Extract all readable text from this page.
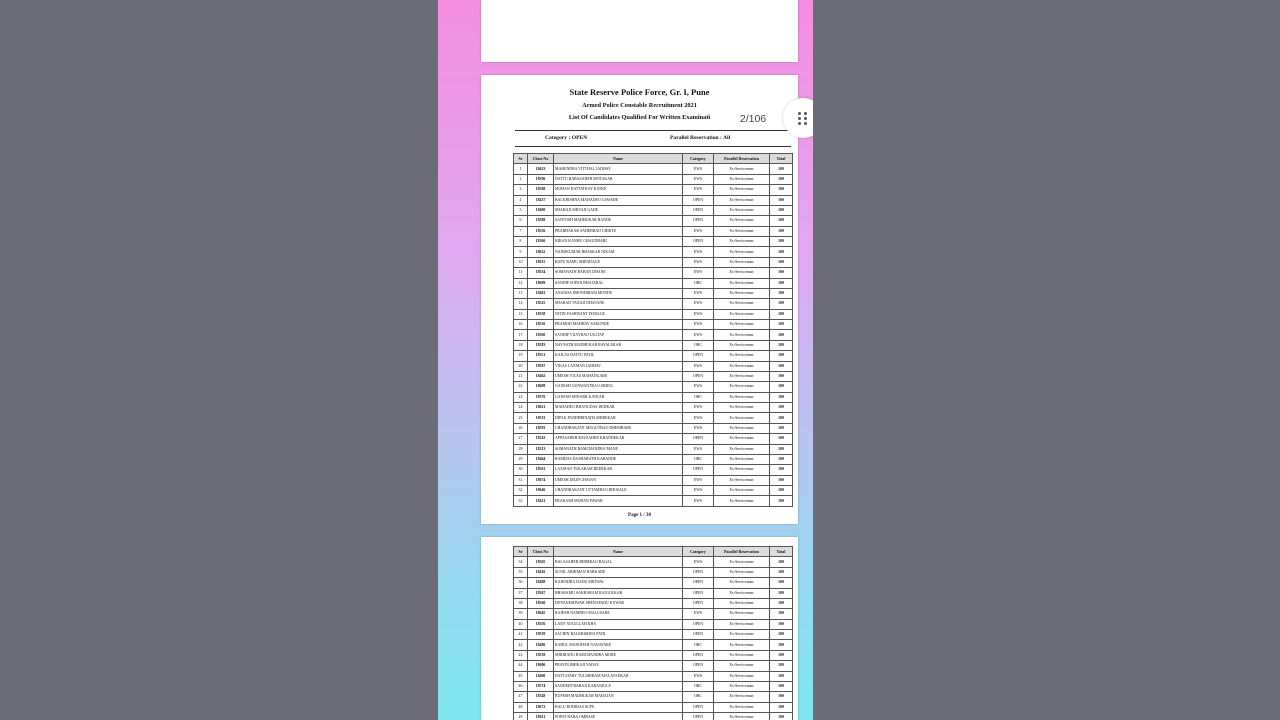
.
.
State Reserve Police Force, Gr. I, Pune
Armed Police Constable Recruitment 2021
List Of Candidates Qualified For Written Examinati
Category : OPEN	Parallel Reservation : All
Sr	Chest No	Name	Category	Parallel Reservation	Total
1	18623	MAHENDRA VITTHAL JADHAV	EWS	Ex-Serviceman	100
2	18596	DATTU BABASAHEB MOTAKAR	EWS	Ex-Serviceman	100
3	18588	MOHAN DATTATRAY KATKE	EWS	Ex-Serviceman	100
4	18437	BALKRISHNA MAHADEO GAWADE	OPEN	Ex-Serviceman	100
5	18490	SHAHAJI SHIVAJI GADE	OPEN	Ex-Serviceman	100
6	18388	SANTOSH MADHUKAR BANDE	OPEN	Ex-Serviceman	100
7	18556	PRABHAKAR SAHEBRAO CHIKTE	EWS	Ex-Serviceman	100
8	18366	KIRAN KANHU CHAUDHARI	OPEN	Ex-Serviceman	100
9	18622	NANDKUMAR BHASKAR NIKAM	EWS	Ex-Serviceman	100
10	18615	BAPU RAMU SHENDAGE	EWS	Ex-Serviceman	100
11	18534	SOMANATH BABAN DHANE	EWS	Ex-Serviceman	100
12	18609	SANDIP SOPAN BHAJABAL	OBC	Ex-Serviceman	100
13	18401	ANANDA DHONDIRAM MONDE	EWS	Ex-Serviceman	100
14	18525	SHARAD TANAJI DHAVANE	EWS	Ex-Serviceman	100
15	18338	NITIN YASHWANT DORAGE	EWS	Ex-Serviceman	100
16	18536	PRAMOD MADHAV SAKUNDE	EWS	Ex-Serviceman	100
17	18360	SANDIP VIJAYRAO JAGTAP	EWS	Ex-Serviceman	100
18	18583	NAVNATH MADHUKAR RAVALEKAR	OBC	Ex-Serviceman	100
19	18351	KAILAS DATTU PATIL	OPEN	Ex-Serviceman	100
20	18567	VIKAS LAXMAN JADHAV	EWS	Ex-Serviceman	100
21	18462	UMESH VILAS MAHANGARE	OPEN	Ex-Serviceman	100
22	18609	GANESH GUNWANTRAO SHIJUL	EWS	Ex-Serviceman	100
23	18376	GANESH SHNARR KATKAR	OBC	Ex-Serviceman	100
24	18621	MAHADEO BHANUDAS DEDKAR	EWS	Ex-Serviceman	100
25	18533	DIPAK PANDHRINATH AHIREKAR	EWS	Ex-Serviceman	100
26	18593	CHANDRAKANT MUGUTRAO DHEMBARE	EWS	Ex-Serviceman	100
27	18343	APPASAHEB RAVSAHEB KHANDEKAR	OPEN	Ex-Serviceman	100
28	18313	SOMANATH RAMCHANDRA MANE	EWS	Ex-Serviceman	100
29	18464	RAMDAS DASHARATH KARANDE	OBC	Ex-Serviceman	100
30	18561	LAXMAN TUKARAM REDEKAR	OPEN	Ex-Serviceman	100
31	18674	UMESH DILIP CHAVAN	EWS	Ex-Serviceman	100
32	18646	CHANDRAKANT UTTAMRAO BHOSALE	EWS	Ex-Serviceman	100
33	18421	PRAKASH MOHAN PAWAR	EWS	Ex-Serviceman	100
Page 1 / 30
Sr	Chest No	Name	Category	Parallel Reservation	Total
34	18565	BALASAHEB BHIMRAO BAGAL	EWS	Ex-Serviceman	100
35	18416	SUNIL ABHIMAN BARKADE	OPEN	Ex-Serviceman	100
36	18488	RAJENDRA DADU SHIJWAL	OPEN	Ex-Serviceman	100
37	18367	BHARAMU SAKHARAM RAJGOLKAR	OPEN	Ex-Serviceman	100
38	18560	DNYANESHWAR SHENAPADU KUWAR	OPEN	Ex-Serviceman	100
39	18645	RAJESH NAMDEO MALUSARE	EWS	Ex-Serviceman	100
40	18356	LATIF ATAULLAH KHA	OPEN	Ex-Serviceman	100
41	18539	SACHIN BALKRISHNA PATIL	OPEN	Ex-Serviceman	100
42	18486	RAHUL MANOHAR NANAVARE	OBC	Ex-Serviceman	100
43	18539	SHRIRANG RAMCHANDRA MORE	OPEN	Ex-Serviceman	100
44	18606	PRAVIN BHIKAJI YADAV	OPEN	Ex-Serviceman	100
45	18400	DATTATARY TULSHIRAM MALAVADKAR	EWS	Ex-Serviceman	100
46	18574	SANDEEP BABAJI KARANJULE	OBC	Ex-Serviceman	100
47	18348	RUPESH MADHUKAR MAHAJAN	OBC	Ex-Serviceman	100
48	18672	BALU ROHIDAS SUPE	OPEN	Ex-Serviceman	100
49	18611	POPAT BABA OMBASE	OPEN	Ex-Serviceman	100
2/106
